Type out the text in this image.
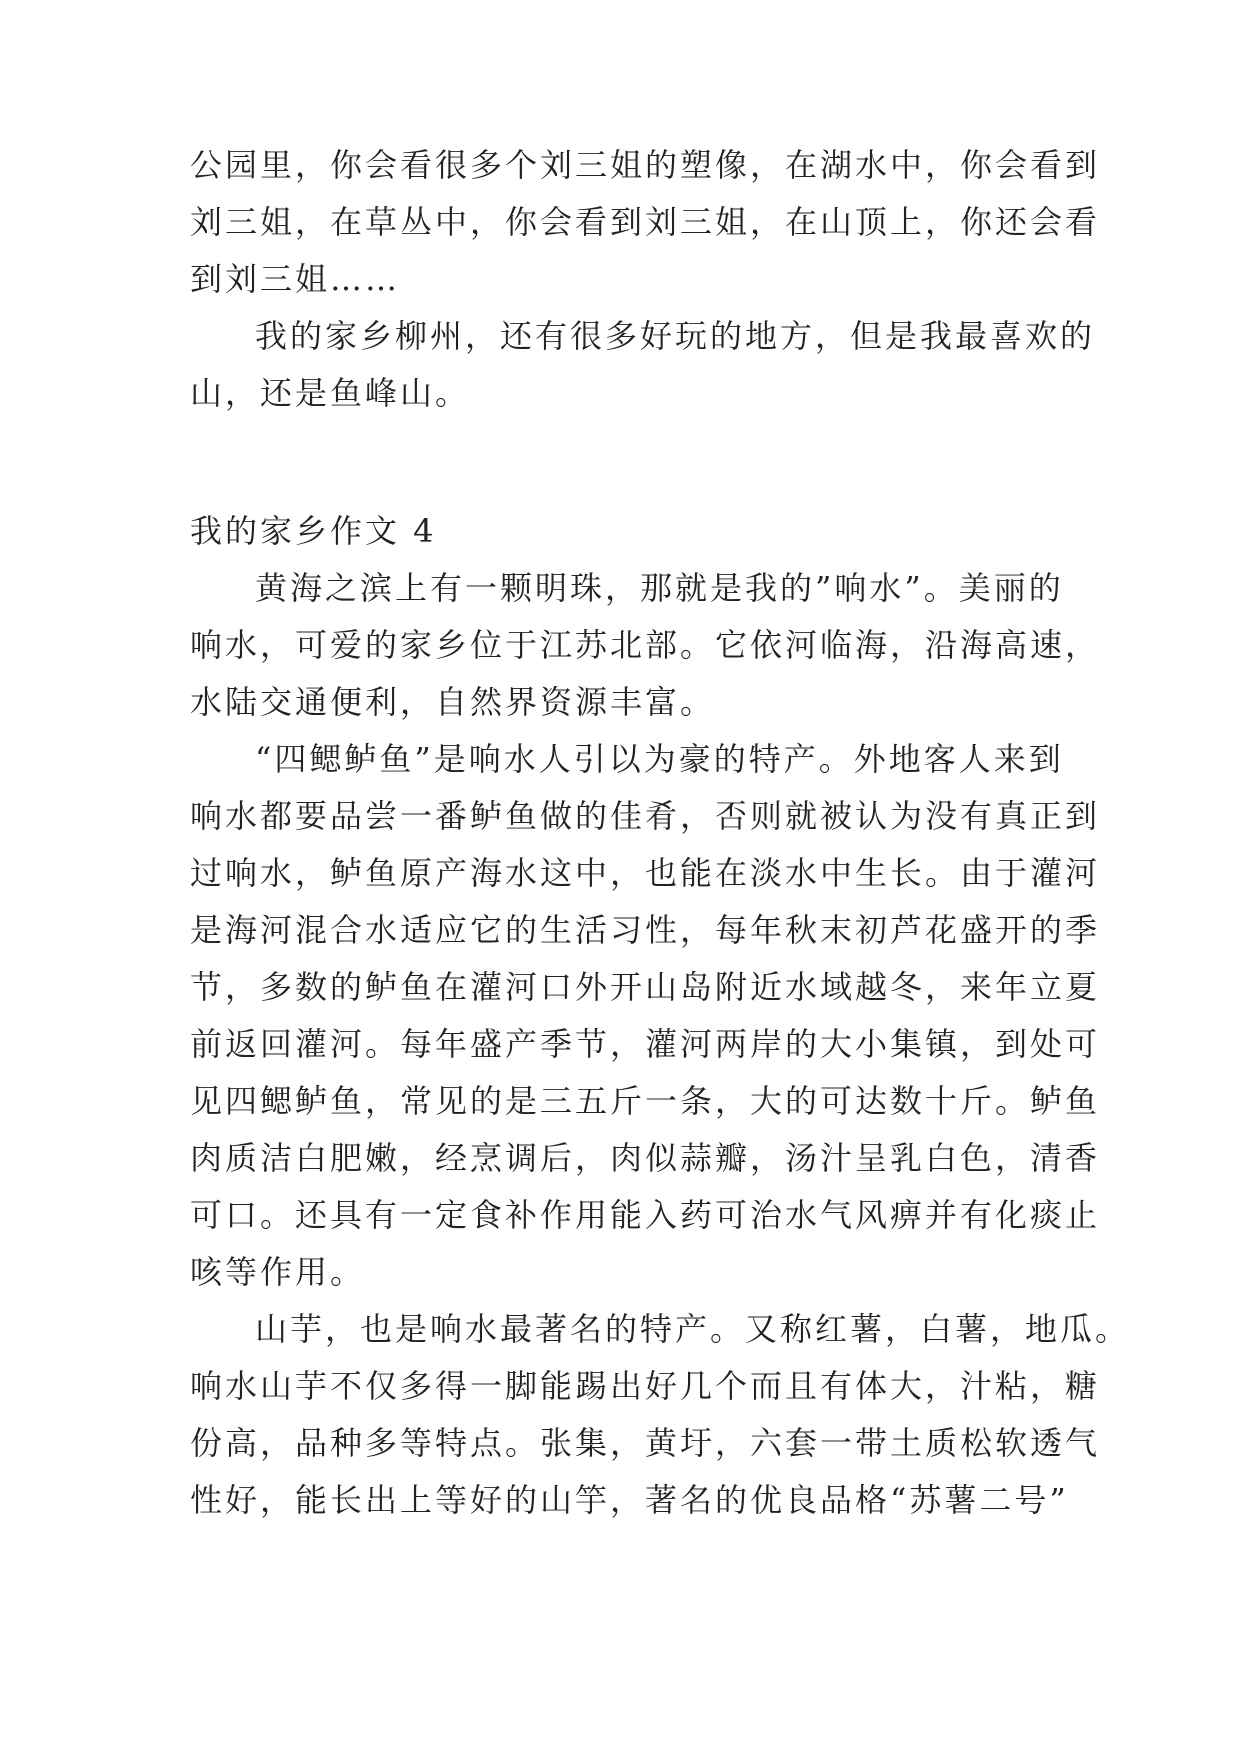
公园里，你会看很多个刘三姐的塑像，在湖水中，你会看到
刘三姐，在草丛中，你会看到刘三姐，在山顶上，你还会看
到刘三姐……
我的家乡柳州，还有很多好玩的地方，但是我最喜欢的
山，还是鱼峰山。
我的家乡作文 4
黄海之滨上有一颗明珠，那就是我的”响水”。美丽的
响水，可爱的家乡位于江苏北部。它依河临海，沿海高速，
水陆交通便利，自然界资源丰富。
“四鳃鲈鱼”是响水人引以为豪的特产。外地客人来到
响水都要品尝一番鲈鱼做的佳肴，否则就被认为没有真正到
过响水，鲈鱼原产海水这中，也能在淡水中生长。由于灌河
是海河混合水适应它的生活习性，每年秋末初芦花盛开的季
节，多数的鲈鱼在灌河口外开山岛附近水域越冬，来年立夏
前返回灌河。每年盛产季节，灌河两岸的大小集镇，到处可
见四鳃鲈鱼，常见的是三五斤一条，大的可达数十斤。鲈鱼
肉质洁白肥嫩，经烹调后，肉似蒜瓣，汤汁呈乳白色，清香
可口。还具有一定食补作用能入药可治水气风痹并有化痰止
咳等作用。
山芋，也是响水最著名的特产。又称红薯，白薯，地瓜。
响水山芋不仅多得一脚能踢出好几个而且有体大，汁粘，糖
份高，品种多等特点。张集，黄圩，六套一带土质松软透气
性好，能长出上等好的山竽，著名的优良品格“苏薯二号”
